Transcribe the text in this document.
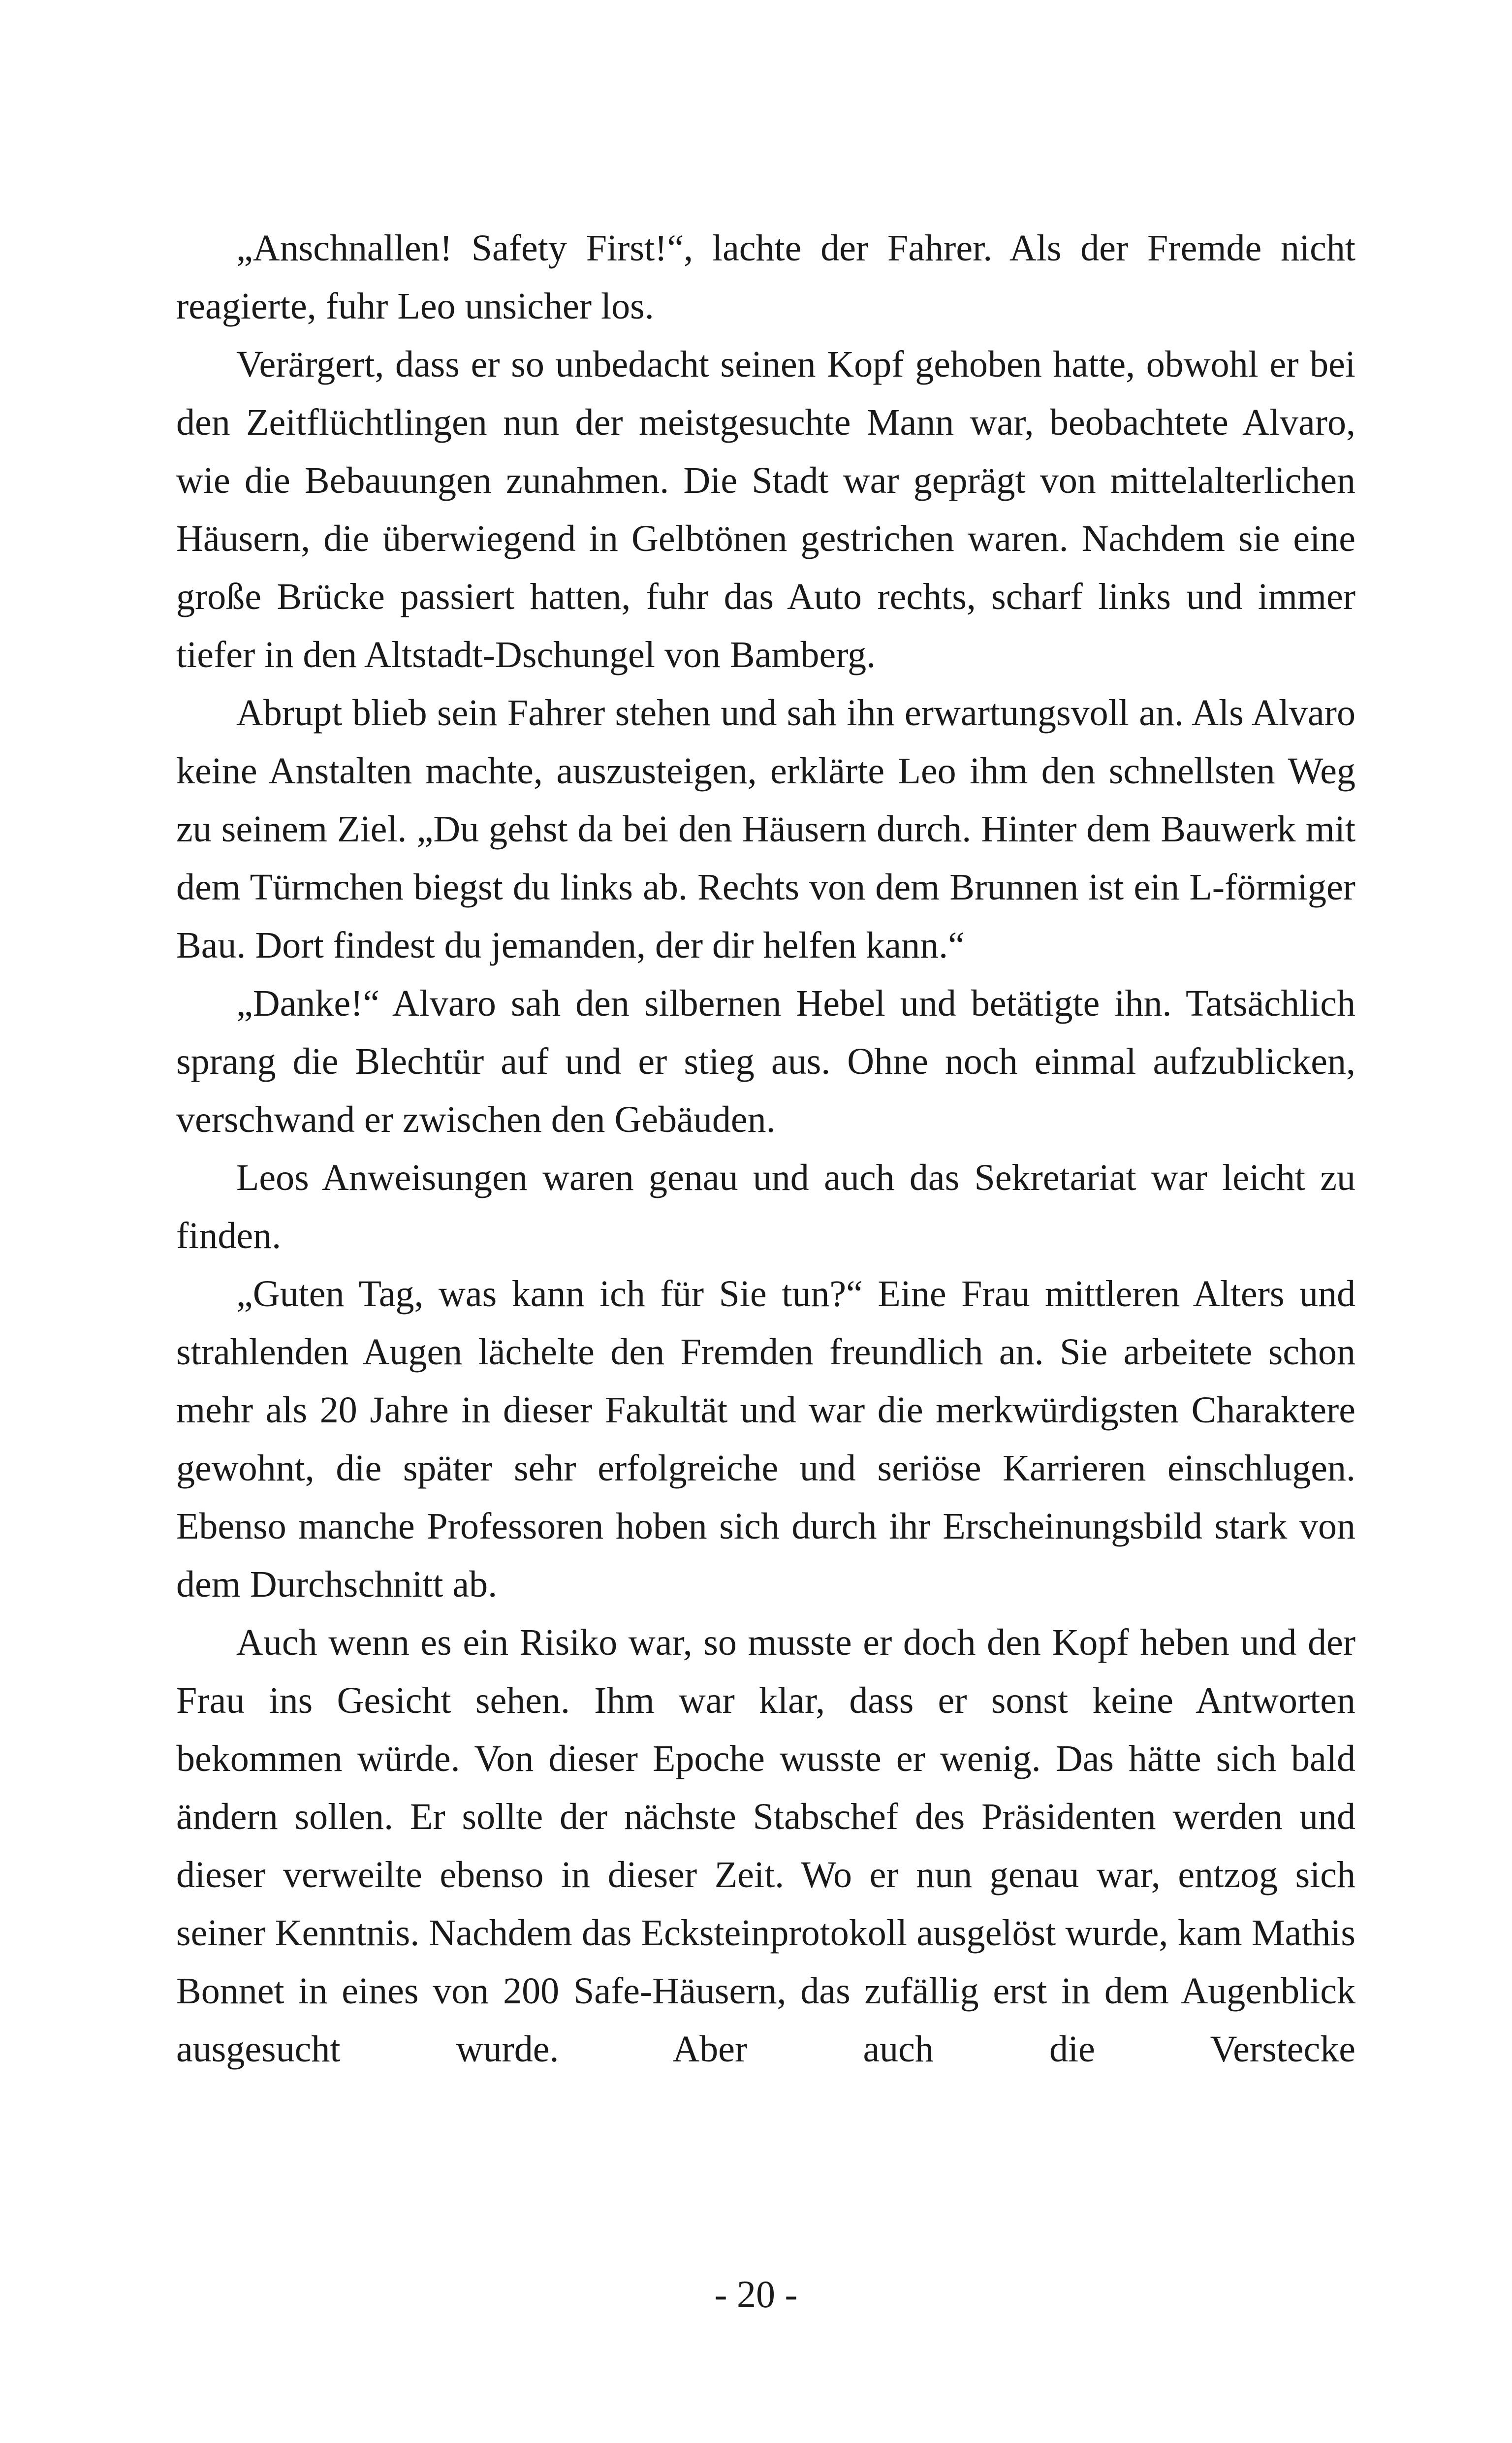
„Anschnallen! Safety First!“, lachte der Fahrer. Als der Fremde nicht reagierte, fuhr Leo unsicher los.

Verärgert, dass er so unbedacht seinen Kopf gehoben hatte, obwohl er bei den Zeitflüchtlingen nun der meistgesuchte Mann war, beobachtete Alvaro, wie die Bebauungen zunahmen. Die Stadt war geprägt von mittelalterlichen Häusern, die überwiegend in Gelbtönen gestrichen waren. Nachdem sie eine große Brücke passiert hatten, fuhr das Auto rechts, scharf links und immer tiefer in den Altstadt-Dschungel von Bamberg.

Abrupt blieb sein Fahrer stehen und sah ihn erwartungsvoll an. Als Alvaro keine Anstalten machte, auszusteigen, erklärte Leo ihm den schnellsten Weg zu seinem Ziel. „Du gehst da bei den Häusern durch. Hinter dem Bauwerk mit dem Türmchen biegst du links ab. Rechts von dem Brunnen ist ein L-förmiger Bau. Dort findest du jemanden, der dir helfen kann.“

„Danke!“ Alvaro sah den silbernen Hebel und betätigte ihn. Tatsächlich sprang die Blechtür auf und er stieg aus. Ohne noch einmal aufzublicken, verschwand er zwischen den Gebäuden.

Leos Anweisungen waren genau und auch das Sekretariat war leicht zu finden.

„Guten Tag, was kann ich für Sie tun?“ Eine Frau mittleren Alters und strahlenden Augen lächelte den Fremden freundlich an. Sie arbeitete schon mehr als 20 Jahre in dieser Fakultät und war die merkwürdigsten Charaktere gewohnt, die später sehr erfolgreiche und seriöse Karrieren einschlugen. Ebenso manche Professoren hoben sich durch ihr Erscheinungsbild stark von dem Durchschnitt ab.

Auch wenn es ein Risiko war, so musste er doch den Kopf heben und der Frau ins Gesicht sehen. Ihm war klar, dass er sonst keine Antworten bekommen würde. Von dieser Epoche wusste er wenig. Das hätte sich bald ändern sollen. Er sollte der nächste Stabschef des Präsidenten werden und dieser verweilte ebenso in dieser Zeit. Wo er nun genau war, entzog sich seiner Kenntnis. Nachdem das Ecksteinprotokoll ausgelöst wurde, kam Mathis Bonnet in eines von 200 Safe-Häusern, das zufällig erst in dem Augenblick ausgesucht wurde. Aber auch die Verstecke

- 20 -
